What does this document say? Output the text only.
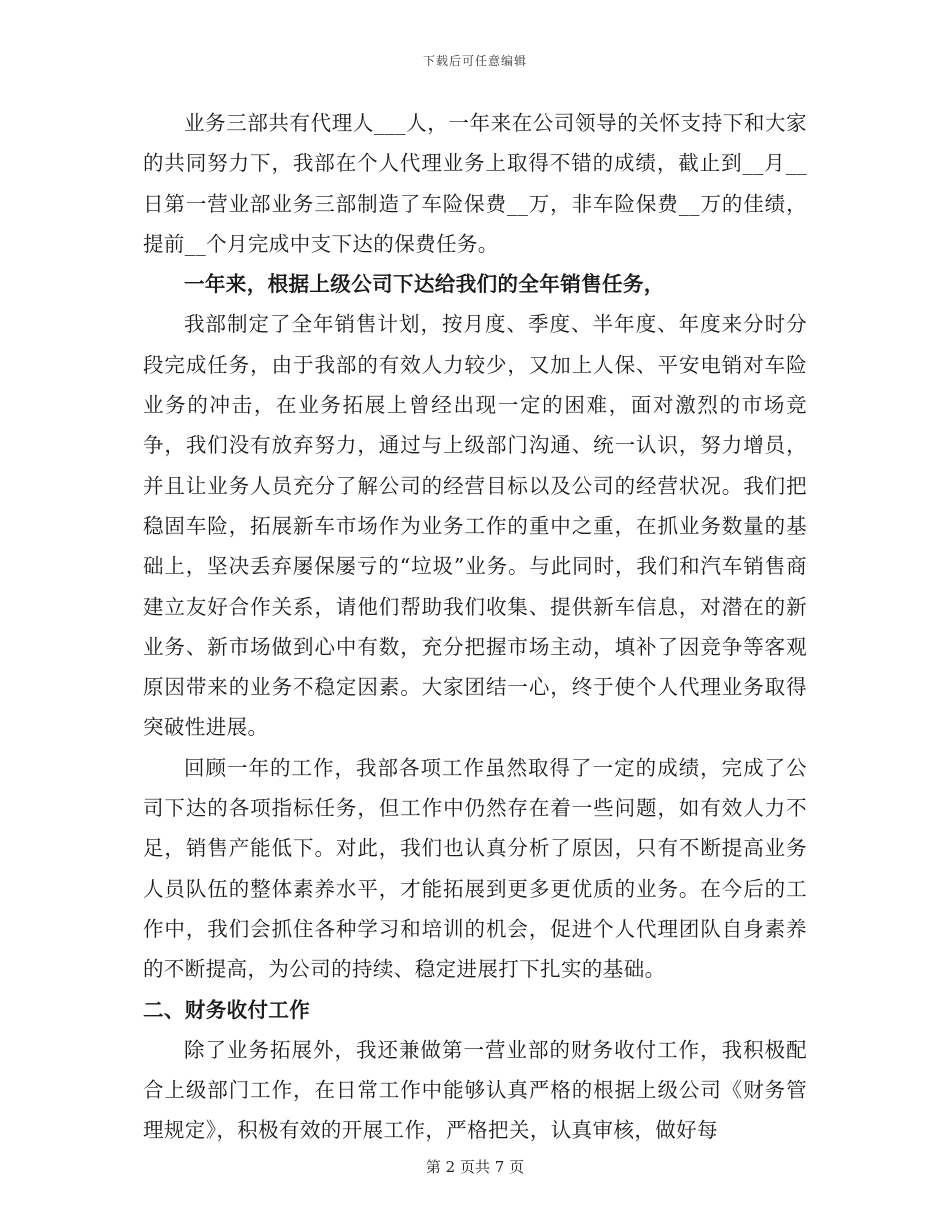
下载后可任意编辑

业务三部共有代理人___人，一年来在公司领导的关怀支持下和大家的共同努力下，我部在个人代理业务上取得不错的成绩，截止到__月__日第一营业部业务三部制造了车险保费__万，非车险保费__万的佳绩，提前__个月完成中支下达的保费任务。

一年来，根据上级公司下达给我们的全年销售任务，

我部制定了全年销售计划，按月度、季度、半年度、年度来分时分段完成任务，由于我部的有效人力较少，又加上人保、平安电销对车险业务的冲击，在业务拓展上曾经出现一定的困难，面对激烈的市场竞争，我们没有放弃努力，通过与上级部门沟通、统一认识，努力增员，并且让业务人员充分了解公司的经营目标以及公司的经营状况。我们把稳固车险，拓展新车市场作为业务工作的重中之重，在抓业务数量的基础上，坚决丢弃屡保屡亏的“垃圾”业务。与此同时，我们和汽车销售商建立友好合作关系，请他们帮助我们收集、提供新车信息，对潜在的新业务、新市场做到心中有数，充分把握市场主动，填补了因竞争等客观原因带来的业务不稳定因素。大家团结一心，终于使个人代理业务取得突破性进展。

回顾一年的工作，我部各项工作虽然取得了一定的成绩，完成了公司下达的各项指标任务，但工作中仍然存在着一些问题，如有效人力不足，销售产能低下。对此，我们也认真分析了原因，只有不断提高业务人员队伍的整体素养水平，才能拓展到更多更优质的业务。在今后的工作中，我们会抓住各种学习和培训的机会，促进个人代理团队自身素养的不断提高，为公司的持续、稳定进展打下扎实的基础。

二、财务收付工作

除了业务拓展外，我还兼做第一营业部的财务收付工作，我积极配合上级部门工作，在日常工作中能够认真严格的根据上级公司《财务管理规定》，积极有效的开展工作，严格把关，认真审核，做好每

第 2 页共 7 页
